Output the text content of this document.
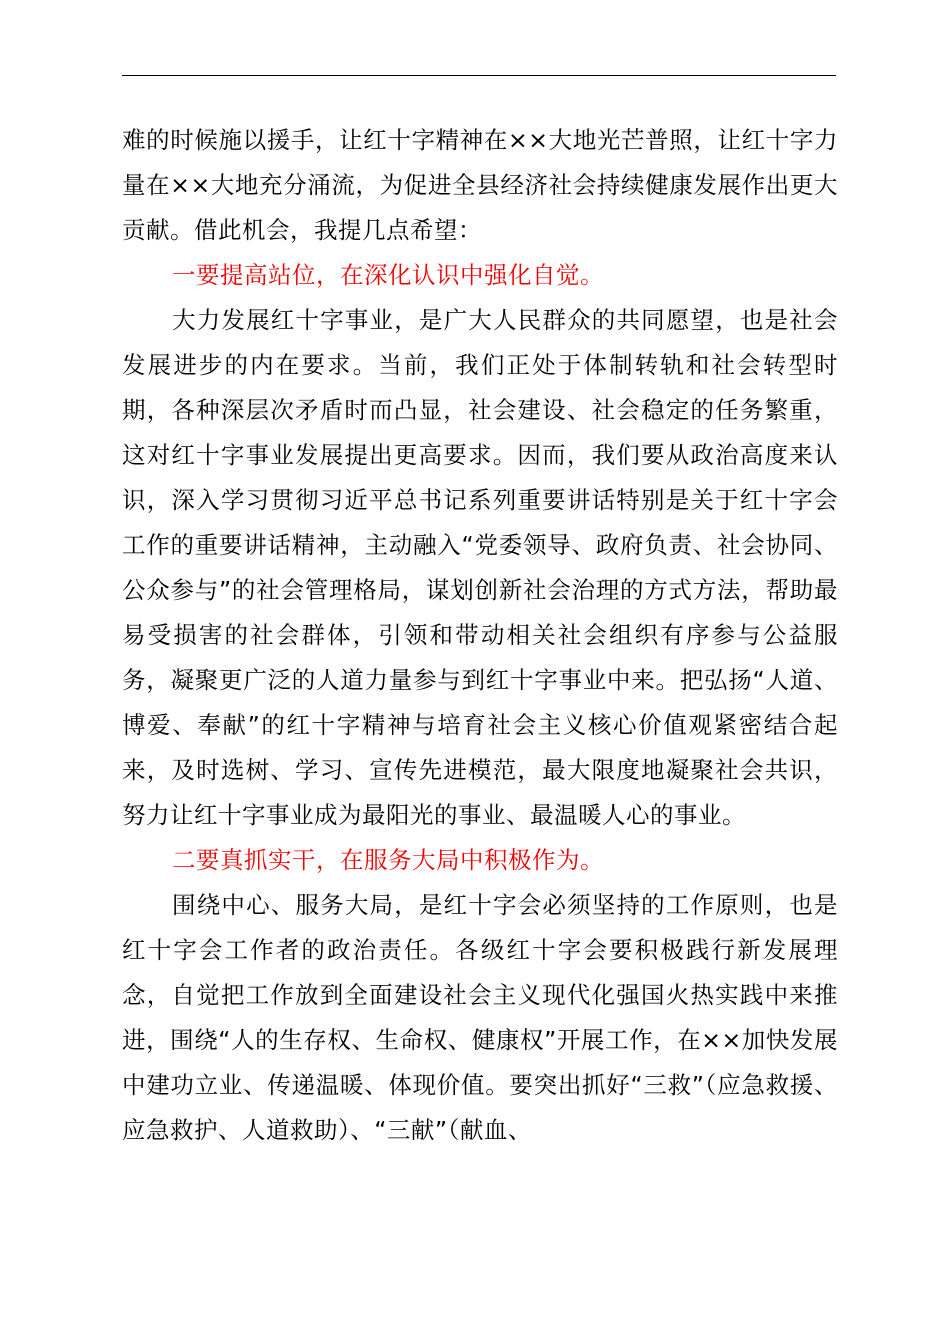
难的时候施以援手，让红十字精神在××大地光芒普照，让红十字力量在××大地充分涌流，为促进全县经济社会持续健康发展作出更大贡献。借此机会，我提几点希望：

一要提高站位，在深化认识中强化自觉。

大力发展红十字事业，是广大人民群众的共同愿望，也是社会发展进步的内在要求。当前，我们正处于体制转轨和社会转型时期，各种深层次矛盾时而凸显，社会建设、社会稳定的任务繁重，这对红十字事业发展提出更高要求。因而，我们要从政治高度来认识，深入学习贯彻习近平总书记系列重要讲话特别是关于红十字会工作的重要讲话精神，主动融入“党委领导、政府负责、社会协同、公众参与”的社会管理格局，谋划创新社会治理的方式方法，帮助最易受损害的社会群体，引领和带动相关社会组织有序参与公益服务，凝聚更广泛的人道力量参与到红十字事业中来。把弘扬“人道、博爱、奉献”的红十字精神与培育社会主义核心价值观紧密结合起来，及时选树、学习、宣传先进模范，最大限度地凝聚社会共识，努力让红十字事业成为最阳光的事业、最温暖人心的事业。

二要真抓实干，在服务大局中积极作为。

围绕中心、服务大局，是红十字会必须坚持的工作原则，也是红十字会工作者的政治责任。各级红十字会要积极践行新发展理念，自觉把工作放到全面建设社会主义现代化强国火热实践中来推进，围绕“人的生存权、生命权、健康权”开展工作，在××加快发展中建功立业、传递温暖、体现价值。要突出抓好“三救”（应急救援、应急救护、人道救助）、“三献”（献血、
